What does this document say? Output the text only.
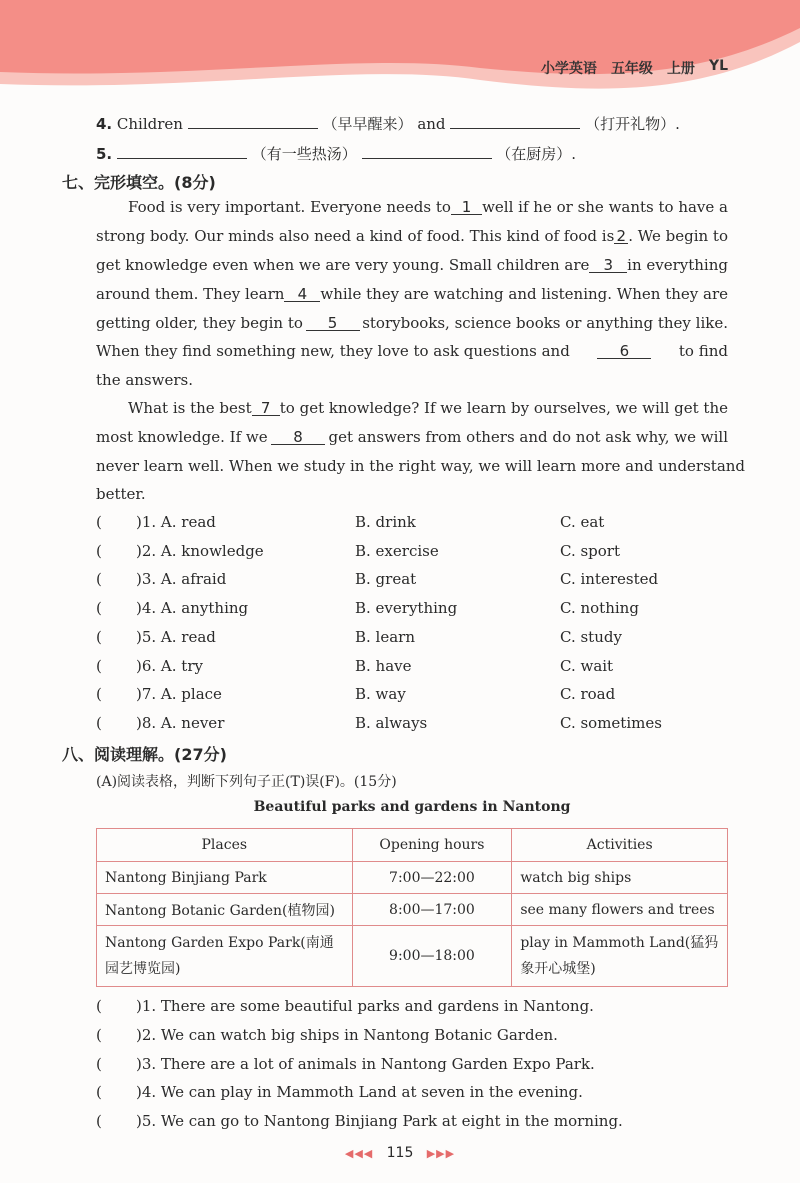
小学英语 五年级 上册 YL
4. Children	（早早醒来） and	（打开礼物）.
5.	（有一些热汤）	（在厨房）.
七、完形填空。(8分)
Food is very important. Everyone needs to 1 well if he or she wants to have a
strong body. Our minds also need a kind of food. This kind of food is 2 . We begin to
get knowledge even when we are very young. Small children are 3 in everything
around them. They learn 4 while they are watching and listening. When they are
getting older, they begin to	5	storybooks, science books or anything they like.
When they find something new, they love to ask questions and	6	to find
the answers.
What is the best 7 to get knowledge? If we learn by ourselves, we will get the
most knowledge. If we	8	get answers from others and do not ask why, we will
never learn well. When we study in the right way, we will learn more and understand
better.
( )1. A. read	B. drink	C. eat
( )2. A. knowledge	B. exercise	C. sport
( )3. A. afraid	B. great	C. interested
( )4. A. anything	B. everything	C. nothing
( )5. A. read	B. learn	C. study
( )6. A. try	B. have	C. wait
( )7. A. place	B. way	C. road
( )8. A. never	B. always	C. sometimes
八、阅读理解。(27分)
(A)阅读表格，判断下列句子正(T)误(F)。(15分)
Beautiful parks and gardens in Nantong
Places	Opening hours	Activities
Nantong Binjiang Park	7:00—22:00	watch big ships
Nantong Botanic Garden(植物园)	8:00—17:00	see many flowers and trees
Nantong Garden Expo Park(南通园艺博览园)	9:00—18:00	play in Mammoth Land(猛犸象开心城堡)
( )1. There are some beautiful parks and gardens in Nantong.
( )2. We can watch big ships in Nantong Botanic Garden.
( )3. There are a lot of animals in Nantong Garden Expo Park.
( )4. We can play in Mammoth Land at seven in the evening.
( )5. We can go to Nantong Binjiang Park at eight in the morning.
◀◀◀ 115 ▶▶▶
